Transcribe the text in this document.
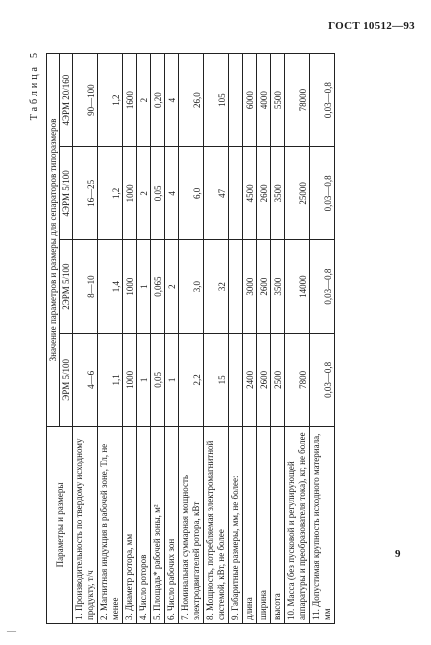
ГОСТ 10512—93
Таблица5
Параметры и размеры	Значение параметров и размеры для сепараторов типоразмеров			
	ЭРМ 5/100	2ЭРМ 5/100	4ЭРМ 5/100	4ЭРМ 20/160
1. Производительность по твердому исходному продукту, т/ч	4—6	8—10	16—25	90—100
2. Магнитная индукция в рабочей зоне, Тл, не менее	1,1	1,4	1,2	1,2
3. Диаметр ротора, мм	1000	1000	1000	1600
4. Число роторов	1	1	2	2
5. Площадь* рабочей зоны, м²	0,05	0,065	0,05	0,20
6. Число рабочих зон	1	2	4	4
7. Номинальная суммарная мощность электродвигателей ротора, кВт	2,2	3,0	6,0	26,0
8. Мощность, потребляемая электромагнитной системой, кВт, не более	15	32	47	105
9. Габаритные размеры, мм, не более:				
длина	2400	3000	4500	6000
ширина	2600	2600	2600	4000
высота	2500	3500	3500	5500
10. Масса (без пусковой и регулирующей аппаратуры и преобразователя тока), кг, не более	7800	14000	25000	78000
11. Допустимая крупность исходного материала, мм	0,03—0,8	0,03—0,8	0,03—0,8	0,03—0,8
9
—
